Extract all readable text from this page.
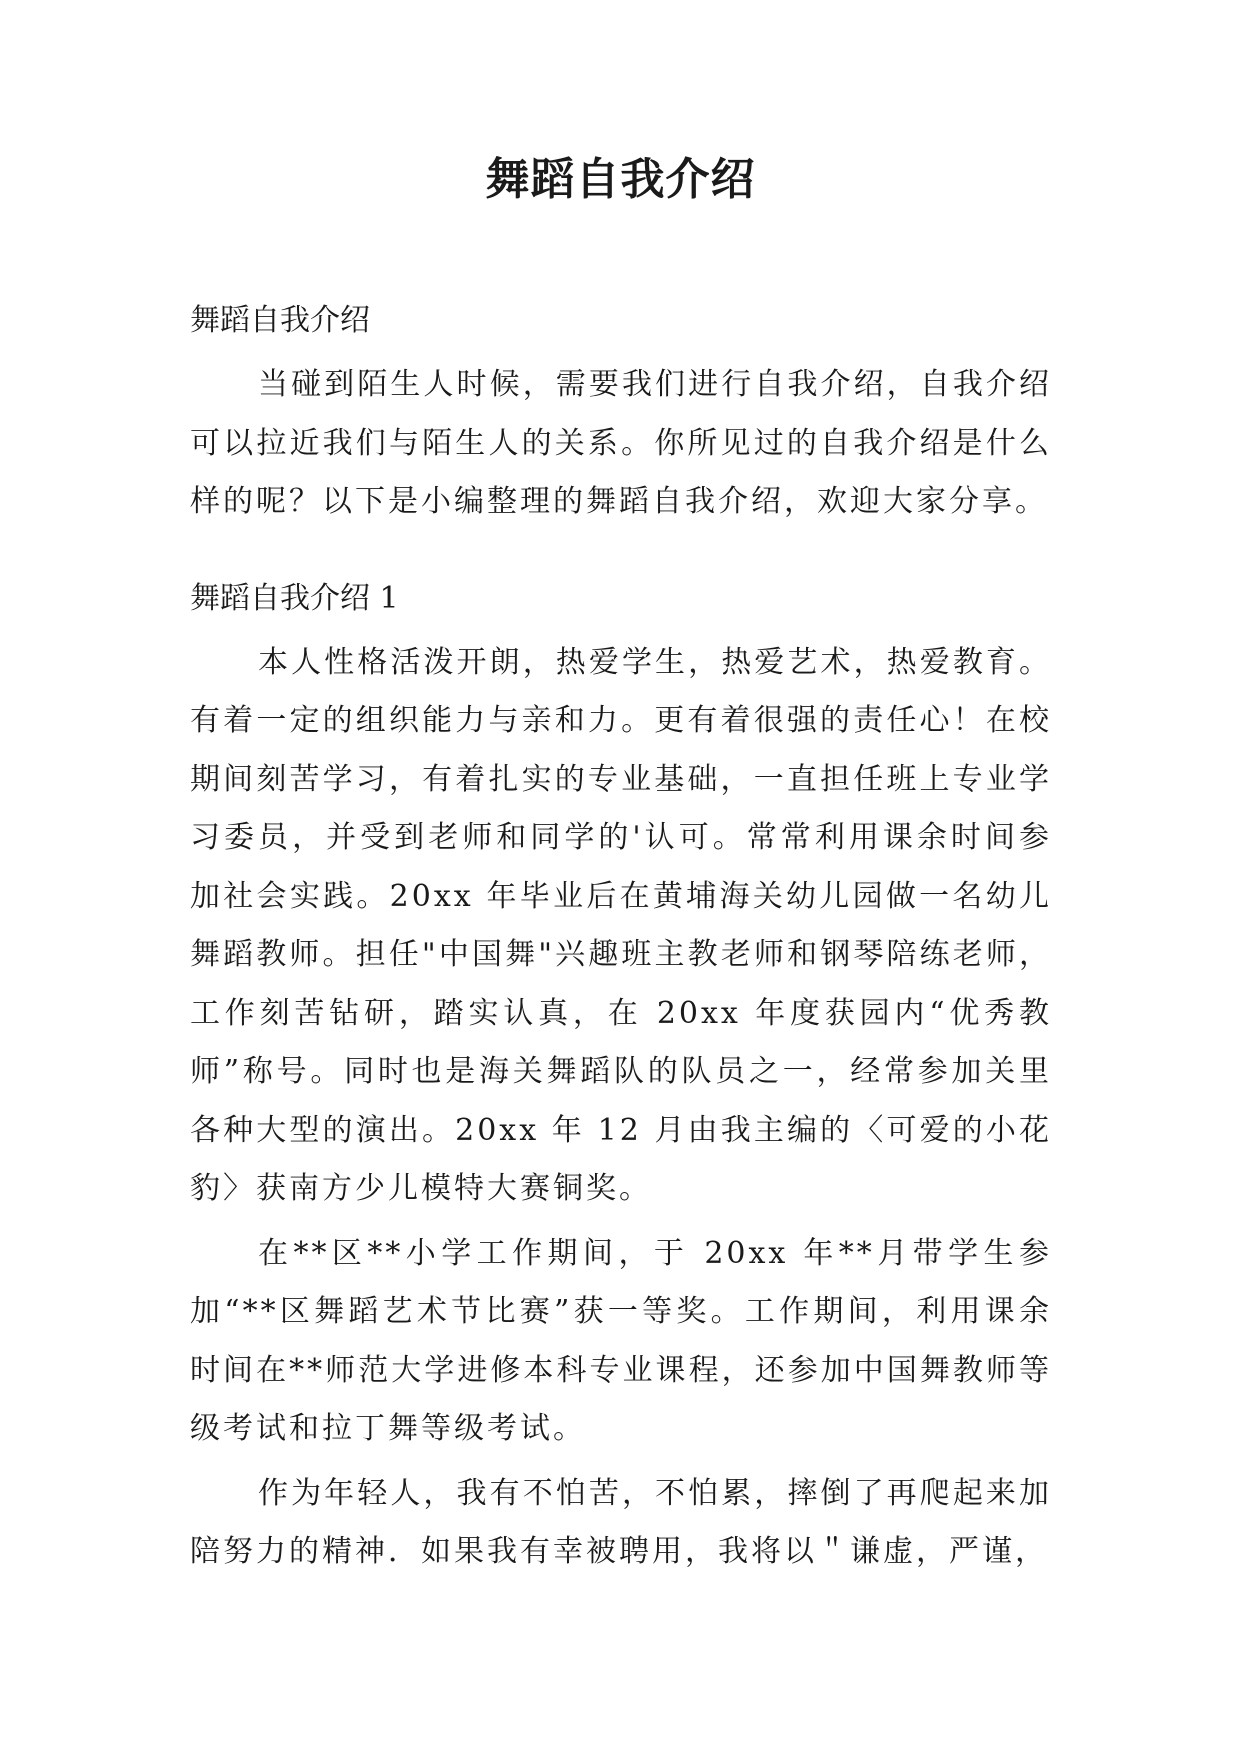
舞蹈自我介绍

舞蹈自我介绍

当碰到陌生人时候，需要我们进行自我介绍，自我介绍可以拉近我们与陌生人的关系。你所见过的自我介绍是什么样的呢？以下是小编整理的舞蹈自我介绍，欢迎大家分享。

舞蹈自我介绍 1

本人性格活泼开朗，热爱学生，热爱艺术，热爱教育。有着一定的组织能力与亲和力。更有着很强的责任心！在校期间刻苦学习，有着扎实的专业基础，一直担任班上专业学习委员，并受到老师和同学的'认可。常常利用课余时间参加社会实践。20xx 年毕业后在黄埔海关幼儿园做一名幼儿舞蹈教师。担任"中国舞"兴趣班主教老师和钢琴陪练老师，工作刻苦钻研，踏实认真，在 20xx 年度获园内“优秀教师”称号。同时也是海关舞蹈队的队员之一，经常参加关里各种大型的演出。20xx 年 12 月由我主编的〈可爱的小花豹〉获南方少儿模特大赛铜奖。

在**区**小学工作期间，于 20xx 年**月带学生参加“**区舞蹈艺术节比赛”获一等奖。工作期间，利用课余时间在**师范大学进修本科专业课程，还参加中国舞教师等级考试和拉丁舞等级考试。

作为年轻人，我有不怕苦，不怕累，摔倒了再爬起来加陪努力的精神．如果我有幸被聘用，我将以＂谦虚，严谨，
